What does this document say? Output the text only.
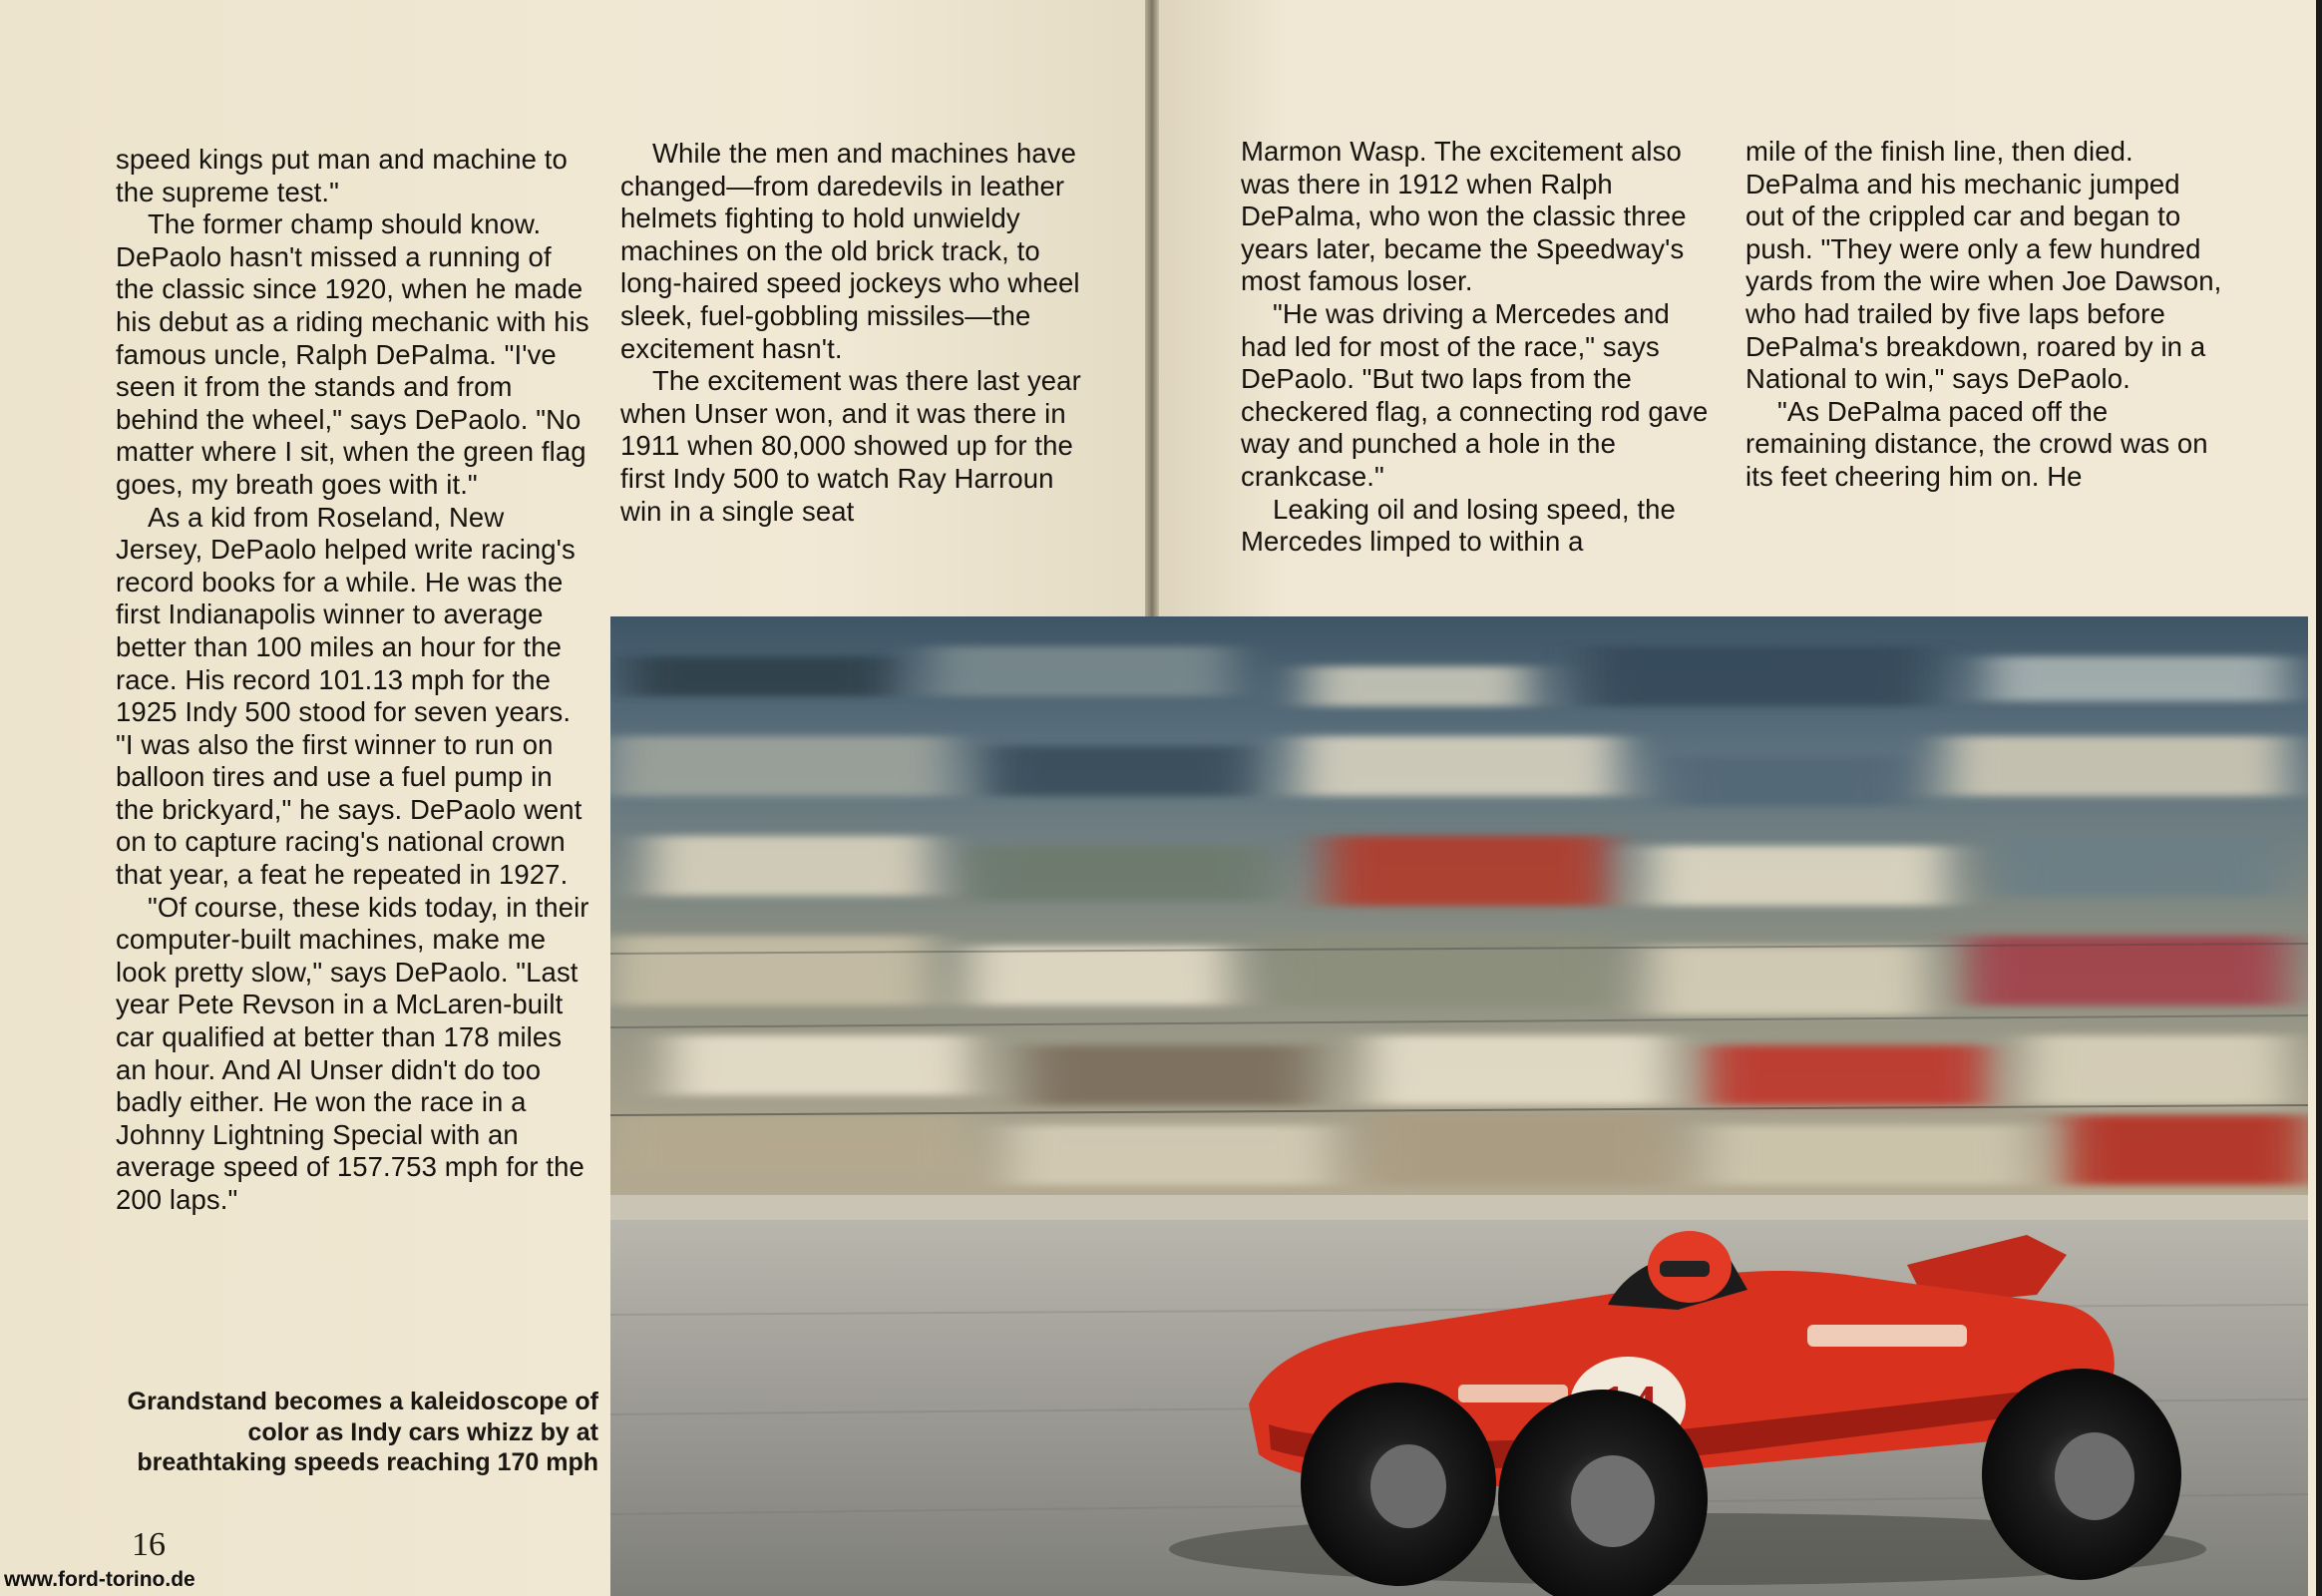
speed kings put man and machine to the supreme test."

The former champ should know. DePaolo hasn't missed a running of the classic since 1920, when he made his debut as a riding mechanic with his famous uncle, Ralph DePalma. "I've seen it from the stands and from behind the wheel," says DePaolo. "No matter where I sit, when the green flag goes, my breath goes with it."

As a kid from Roseland, New Jersey, DePaolo helped write racing's record books for a while. He was the first Indianapolis winner to average better than 100 miles an hour for the race. His record 101.13 mph for the 1925 Indy 500 stood for seven years. "I was also the first winner to run on balloon tires and use a fuel pump in the brickyard," he says. DePaolo went on to capture racing's national crown that year, a feat he repeated in 1927.

"Of course, these kids today, in their computer-built machines, make me look pretty slow," says DePaolo. "Last year Pete Revson in a McLaren-built car qualified at better than 178 miles an hour. And Al Unser didn't do too badly either. He won the race in a Johnny Lightning Special with an average speed of 157.753 mph for the 200 laps."

While the men and machines have changed—from daredevils in leather helmets fighting to hold unwieldy machines on the old brick track, to long-haired speed jockeys who wheel sleek, fuel-gobbling missiles—the excitement hasn't.

The excitement was there last year when Unser won, and it was there in 1911 when 80,000 showed up for the first Indy 500 to watch Ray Harroun win in a single seat

Marmon Wasp. The excitement also was there in 1912 when Ralph DePalma, who won the classic three years later, became the Speedway's most famous loser.

"He was driving a Mercedes and had led for most of the race," says DePaolo. "But two laps from the checkered flag, a connecting rod gave way and punched a hole in the crankcase."

Leaking oil and losing speed, the Mercedes limped to within a

mile of the finish line, then died. DePalma and his mechanic jumped out of the crippled car and began to push. "They were only a few hundred yards from the wire when Joe Dawson, who had trailed by five laps before DePalma's breakdown, roared by in a National to win," says DePaolo.

"As DePalma paced off the remaining distance, the crowd was on its feet cheering him on. He

Grandstand becomes a kaleidoscope of color as Indy cars whizz by at breathtaking speeds reaching 170 mph
16
www.ford-torino.de
